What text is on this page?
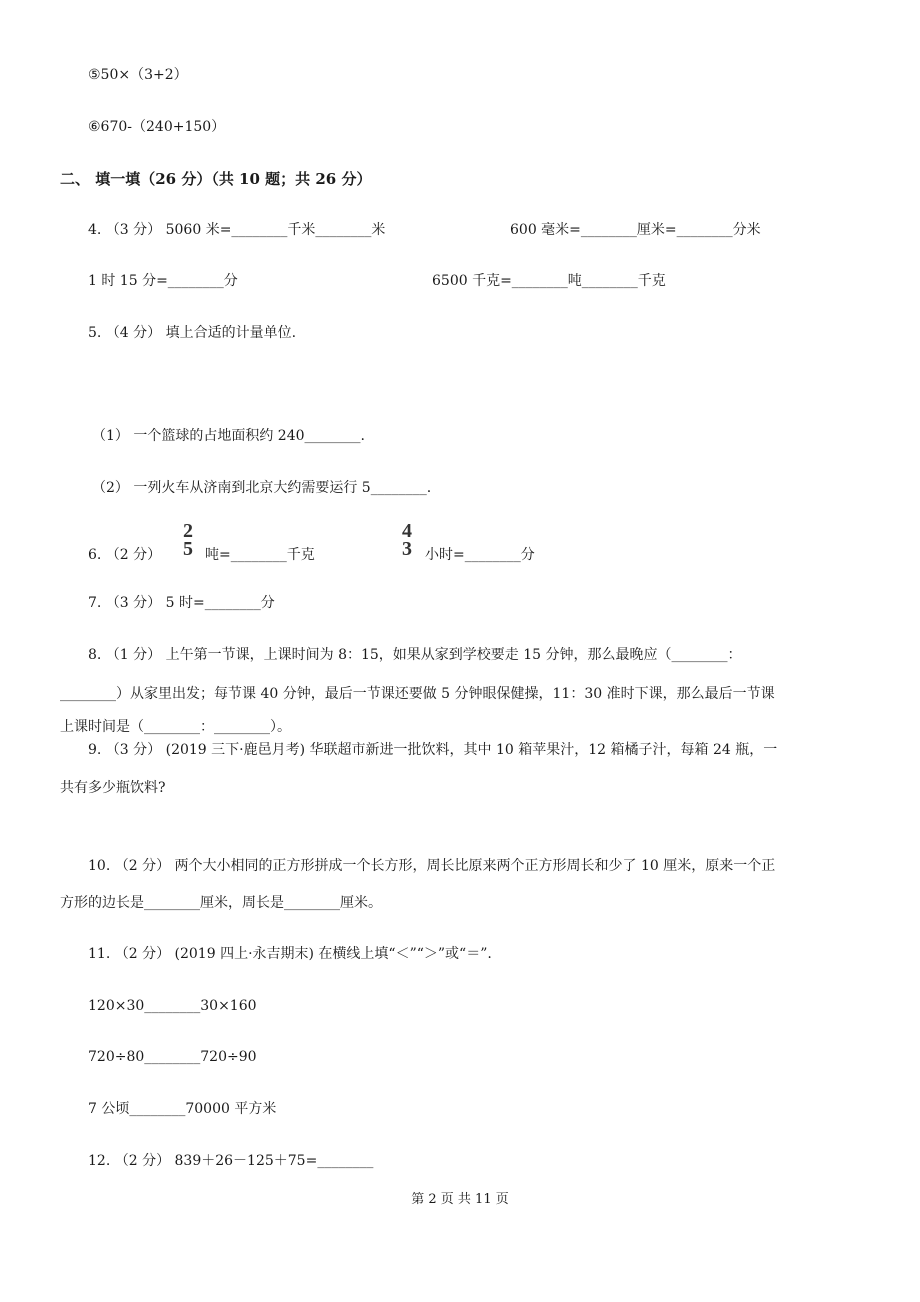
⑤50×（3+2）
⑥670-（240+150）
二、 填一填（26 分）（共 10 题；共 26 分）
4. （3 分） 5060 米=________千米________米	600 毫米=________厘米=________分米
1 时 15 分=________分	6500 千克=________吨________千克
5. （4 分） 填上合适的计量单位.
（1） 一个篮球的占地面积约 240________.
（2） 一列火车从济南到北京大约需要运行 5________.
6. （2 分）
2
5 吨=________千克
4
3 小时=________分
7. （3 分） 5 时=________分
8. （1 分） 上午第一节课，上课时间为 8：15，如果从家到学校要走 15 分钟，那么最晚应（________：
________）从家里出发；每节课 40 分钟，最后一节课还要做 5 分钟眼保健操，11：30 准时下课，那么最后一节课
上课时间是（________：________）。
9. （3 分） (2019 三下·鹿邑月考) 华联超市新进一批饮料，其中 10 箱苹果汁，12 箱橘子汁，每箱 24 瓶，一
共有多少瓶饮料?
10. （2 分） 两个大小相同的正方形拼成一个长方形，周长比原来两个正方形周长和少了 10 厘米，原来一个正
方形的边长是________厘米，周长是________厘米。
11. （2 分） (2019 四上·永吉期末) 在横线上填“＜”“＞”或“＝”.
120×30________30×160
720÷80________720÷90
7 公顷________70000 平方米
12. （2 分） 839＋26－125＋75=________
第 2 页 共 11 页
